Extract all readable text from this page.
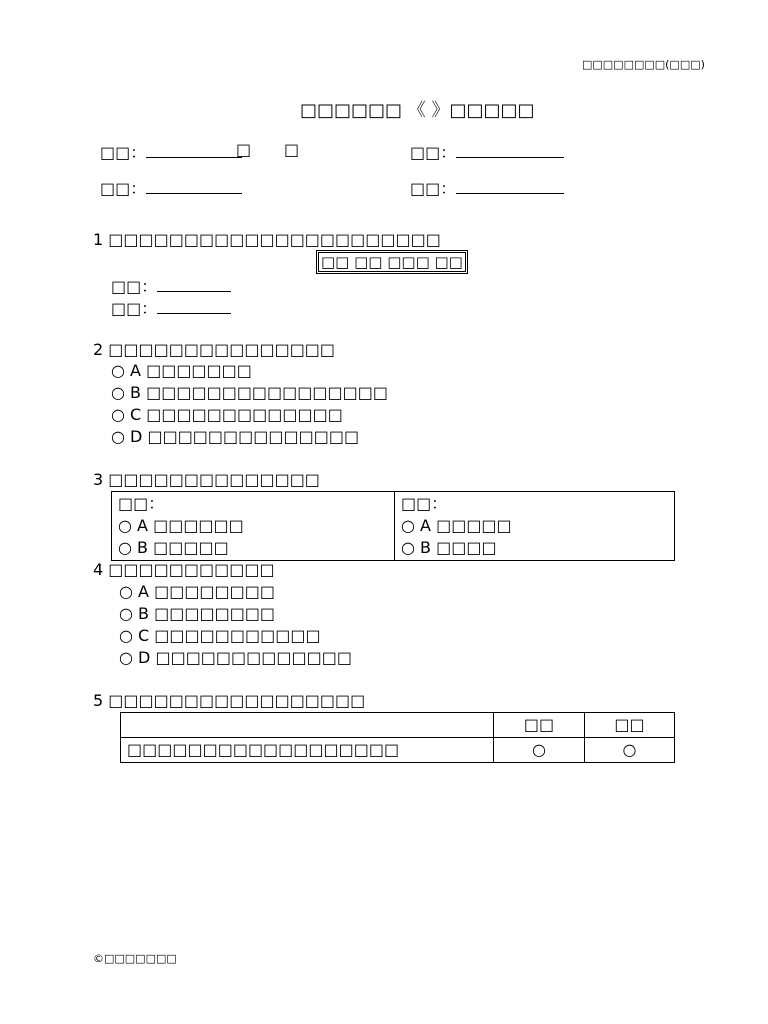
□□□□□□□□(□□□)
□□□□□□ 《 》□□□□□
□□：	□ □	□□：
□□：	□□：
1 □□□□□□□□□□□□□□□□□□□□□□
□□ □□ □□□ □□
□□：
□□：
2 □□□□□□□□□□□□□□□
○ A □□□□□□□
○ B □□□□□□□□□□□□□□□□
○ C □□□□□□□□□□□□□
○ D □□□□□□□□□□□□□□
3 □□□□□□□□□□□□□□
□□：
○ A □□□□□□
○ B □□□□□

□□：
○ A □□□□□
○ B □□□□
4 □□□□□□□□□□□
○ A □□□□□□□□
○ B □□□□□□□□
○ C □□□□□□□□□□□
○ D □□□□□□□□□□□□□
5 □□□□□□□□□□□□□□□□□
	□□	□□
□□□□□□□□□□□□□□□□□□	○	○
©□□□□□□□
